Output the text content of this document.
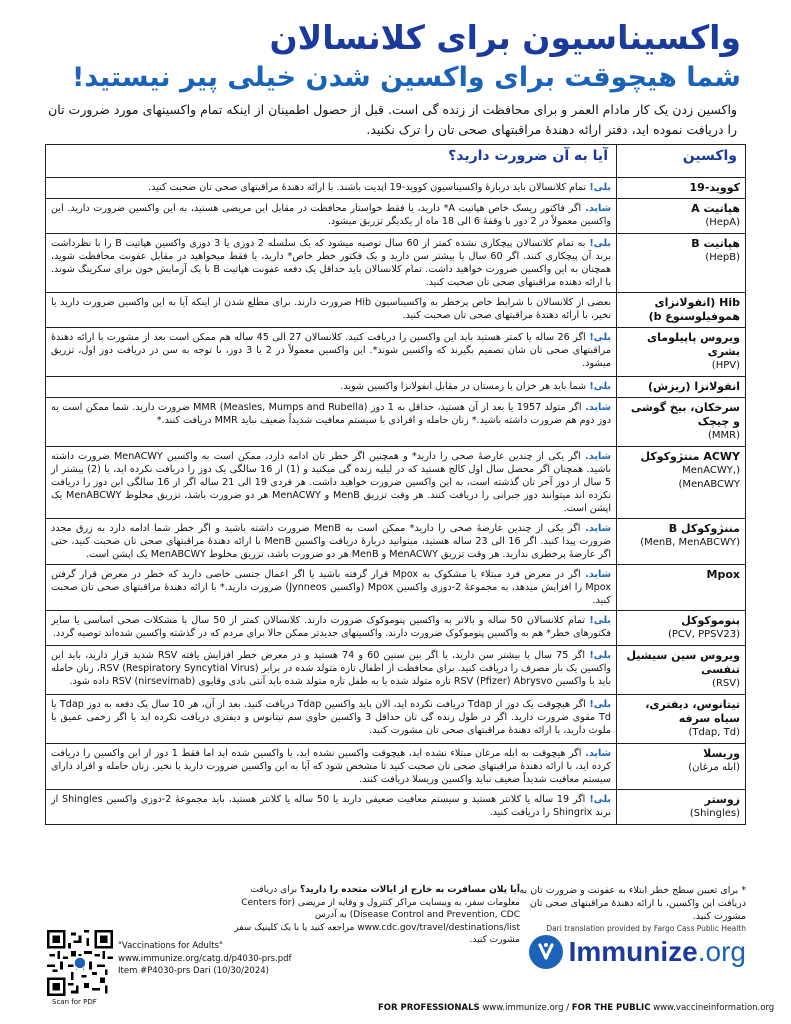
واکسیناسیون برای کلانسالان
شما هیچوقت برای واکسین شدن خیلی پیر نیستید!

واکسین زدن یک کار مادام العمر و برای محافظت از زنده گی است. قبل از حصول اطمینان از اینکه تمام واکسینهای مورد ضرورت تان را دریافت نموده اید، دفتر ارائه دهندهٔ مراقبتهای صحی تان را ترک نکنید.

واکسین	آیا به آن ضرورت دارید؟
کووید-19	بلی!تمام کلانسالان باید دربارهٔ واکسیناسیون کووید-19 اپدیت باشند. با ارائه دهندهٔ مراقبتهای صحی تان صحبت کنید.
هپاتیت A
(HepA)	شاید.اگر فاکتور ریسک خاص هپاتیت A* دارید، یا فقط خواستار محافظت در مقابل این مریضی هستید، به این واکسین ضرورت دارید. این واکسین معمولاً در 2 دوز با وقفهٔ 6 الی 18 ماه از یکدیگر تزریق میشود.
هپاتیت B
(HepB)	بلی!به تمام کلانسالان پیچکاری نشده کمتر از 60 سال توصیه میشود که یک سلسله 2 دوزی یا 3 دوزی واکسین هپاتیت B را با نظرداشت برند آن پیچکاری کنند. اگر 60 سال یا بیشتر سن دارید و یک فکتور خطر خاص* دارید، یا فقط میخواهید در مقابل عفونت محافظت شوید، همچنان به این واکسین ضرورت خواهید داشت. تمام کلانسالان باید حداقل یک دفعه عفونت هپاتیت B با یک آزمایش خون برای سکرینگ شوند. با ارائه دهنده مراقبتهای صحی تان صحبت کنید.
Hib (انفولانزای هموفیلوسنوع b)	بعضی از کلانسالان با شرایط خاص پرخطر به واکسیناسیون Hib ضرورت دارند. برای مطلع شدن از اینکه آیا به این واکسین ضرورت دارید یا نخیر، با ارائه دهندهٔ مراقبتهای صحی تان صحبت کنید.
ویروس پاپیلومای بشری
(HPV)	بلی!اگر 26 ساله یا کمتر هستید باید این واکسین را دریافت کنید. کلانسالان 27 الی 45 ساله هم ممکن است بعد از مشورت با ارائه دهندهٔ مراقبتهای صحی تان شان تصمیم بگیرند که واکسین شوند*. این واکسین معمولاً در 2 یا 3 دوز، با توجه به سن در دریافت دوز اول، تزریق میشود.
انفولانزا (ریزش)	بلی!شما باید هر خزان یا زمستان در مقابل انفولانزا واکسین شوید.
سرخکان، بیخ گوشی و چیچک
(MMR)	شاید.اگر متولد 1957 یا بعد از آن هستید، حداقل به 1 دوز MMR (Measles, Mumps and Rubella) ضرورت دارید. شما ممکن است به دوز دوم هم ضرورت داشته باشید.* زنان حامله و افرادی با سیستم معافیت شدیداً ضعیف نباید MMR دریافت کنند.*
ACWY منتژوکوکل
(MenACWY, MenABCWY)	شاید.اگر یکی از چندین عارضهٔ صحی را دارید* و همچنین اگر خطر تان ادامه دارد، ممکن است به واکسین MenACWY ضرورت داشته باشید. همچنان اگر محصل سال اول کالج هستید که در لیلیه زنده گی میکنید و (1) از 16 سالگی یک دوز را دریافت نکرده اید، یا (2) بیشتر از 5 سال از دوز آخر تان گذشته است، به این واکسین ضرورت خواهید داشت. هر فردی 19 الی 21 ساله اگر از 16 سالگی این دوز را دریافت نکرده اند میتوانند دوز جبرانی را دریافت کنند. هر وقت تزریق MenB و MenACWY هر دو ضرورت باشد، تزریق مخلوط MenABCWY یک اپشن است.
مننژوکوکل B
(MenB, MenABCWY)	شاید.اگر یکی از چندین عارضهٔ صحی را دارید* ممکن است به MenB ضرورت داشته باشید و اگر خطر شما ادامه دارد به زرق مجدد ضرورت پیدا کنید. اگر 16 الی 23 ساله هستید، میتوانید دربارهٔ دریافت واکسین MenB با ارائه دهندهٔ مراقبتهای صحی تان صحبت کنید، حتی اگر عارضهٔ پرخطری ندارید. هر وقت تزریق MenACWY و MenB هر دو ضرورت باشد، تزریق مخلوط MenABCWY یک اپشن است.
Mpox	شاید.اگر در معرض فرد مبتلاء یا مشکوک به Mpox قرار گرفته باشید یا اگر اعمال جنسی خاصی دارید که خطر در معرض قرار گرفتن Mpox را افزایش میدهد، به مجموعهٔ 2-دوزی واکسین Mpox (واکسین Jynneos) ضرورت دارید.* با ارائه دهندهٔ مراقبتهای صحی تان صحبت کنید.
پنوموکوکل
(PCV, PPSV23)	بلی!تمام کلانسالان 50 ساله و بالاتر به واکسین پنوموکوک ضرورت دارند. کلانسالان کمتر از 50 سال با مشکلات صحی اساسی یا سایر فکتورهای خطر* هم به واکسین پنوموکوک ضرورت دارند. واکسینهای جدیدتر ممکن حالا برای مردم که در گذشته واکسین شده‌اند توصیه گردد.
ویروس سین سیشیل تنفسی
(RSV)	بلی!اگر 75 سال یا بیشتر سن دارید، یا اگر بین سنین 60 و 74 هستید و در معرض خطر افزایش یافته RSV شدید قرار دارید، باید این واکسین یک بار مصرف را دریافت کنید. برای محافظت از اطفال تازه متولد شده در برابر RSV (Respiratory Syncytial Virus)، زنان حامله باید با واکسین RSV (Pfizer) Abrysvo تازه متولد شده یا به طفل تازه متولد شده باید آنتی بادی وقایوی RSV (nirsevimab) داده شود.
تیتانوس، دیفتری، سیاه سرفه
(Tdap, Td)	بلی!اگر هیچوقت یک دوز از Tdap دریافت نکرده اید، الان باید واکسین Tdap دریافت کنید. بعد از آن، هر 10 سال یک دفعه به دوز Tdap یا Td مقوی ضرورت دارید. اگر در طول زنده گی تان حداقل 3 واکسین حاوی سم تیتانوس و دیفتری دریافت نکرده اید یا اگر زخمی عمیق یا ملوث دارید، با ارائه دهندهٔ مراقبتهای صحی تان مشورت کنید.
وریسلا
(ابله مرغان)	شاید.اگر هیچوقت به ابله مرغان مبتلاء نشده اید، هیچوقت واکسین نشده اید، یا واکسین شده اید اما فقط 1 دوز از این واکسین را دریافت کرده اید، با ارائه دهندهٔ مراقبتهای صحی تان صحبت کنید تا مشخص شود که آیا به این واکسین ضرورت دارید یا نخیر. زنان حامله و افراد دارای سیستم معافیت شدیداً ضعیف نباید واکسین وریسلا دریافت کنند.
زوستر
(Shingles)	بلی!اگر 19 ساله یا کلانتر هستید و سیستم معافیت ضعیفی دارید یا 50 ساله یا کلانتر هستید، باید مجموعهٔ 2-دوزی واکسین Shingles از برند Shingrix را دریافت کنید.
آیا پلان مسافرت به خارج از ایالات متحده را دارید؟ برای دریافت معلومات سفر، به ویبسایت مراکز کنترول و وقایه از مریضی (Centers for Disease Control and Prevention, CDC) به آدرس www.cdc.gov/travel/destinations/list مراجعه کنید یا با یک کلینیک سفر مشورت کنید.
* برای تعیین سطح خطر ابتلاء به عفونت و ضرورت تان به دریافت این واکسین، با ارائه دهندهٔ مراقبتهای صحی تان مشورت کنید.
Dari translation provided by Fargo Cass Public Health
Scan for PDF
"Vaccinations for Adults"
www.immunize.org/catg.d/p4030-prs.pdf
Item #P4030-prs Dari (10/30/2024)
Immunize.org
FOR PROFESSIONALS www.immunize.org / FOR THE PUBLIC www.vaccineinformation.org
